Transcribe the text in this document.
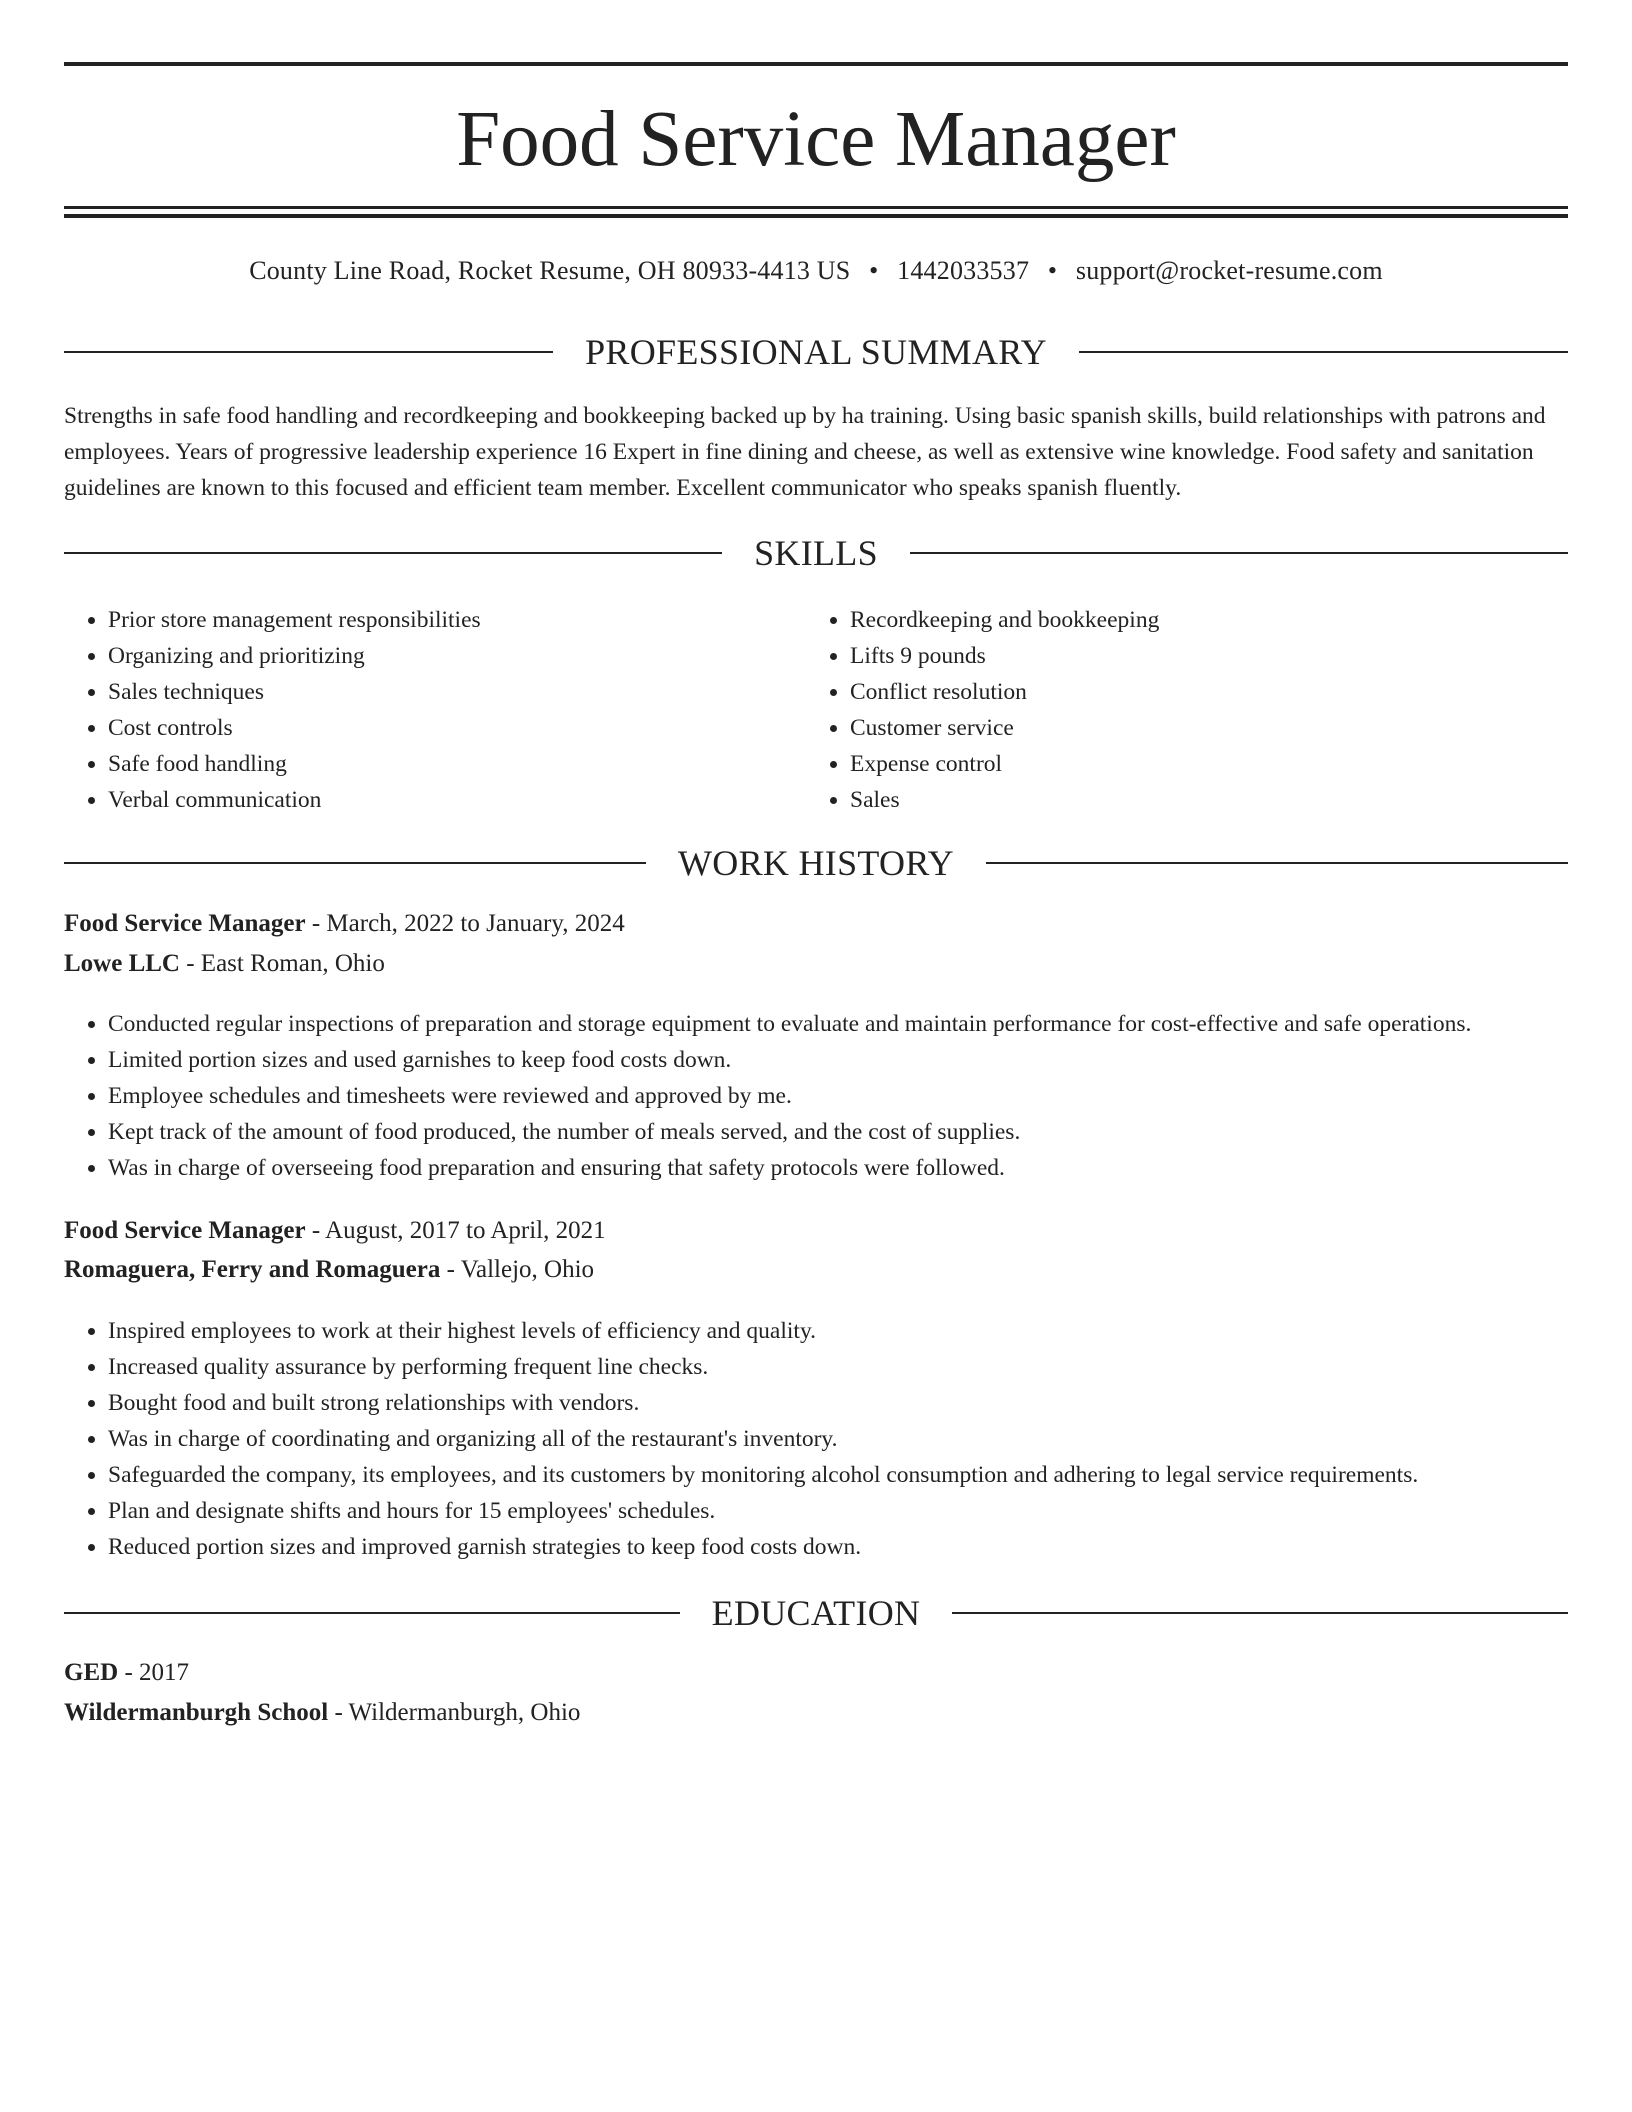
Food Service Manager
County Line Road, Rocket Resume, OH 80933-4413 US • 1442033537 • support@rocket-resume.com
PROFESSIONAL SUMMARY

Strengths in safe food handling and recordkeeping and bookkeeping backed up by ha training. Using basic spanish skills, build relationships with patrons and employees. Years of progressive leadership experience 16 Expert in fine dining and cheese, as well as extensive wine knowledge. Food safety and sanitation guidelines are known to this focused and efficient team member. Excellent communicator who speaks spanish fluently.

SKILLS
• Prior store management responsibilities
• Organizing and prioritizing
• Sales techniques
• Cost controls
• Safe food handling
• Verbal communication
• Recordkeeping and bookkeeping
• Lifts 9 pounds
• Conflict resolution
• Customer service
• Expense control
• Sales
WORK HISTORY
Food Service Manager - March, 2022 to January, 2024
Lowe LLC - East Roman, Ohio
• Conducted regular inspections of preparation and storage equipment to evaluate and maintain performance for cost-effective and safe operations.
• Limited portion sizes and used garnishes to keep food costs down.
• Employee schedules and timesheets were reviewed and approved by me.
• Kept track of the amount of food produced, the number of meals served, and the cost of supplies.
• Was in charge of overseeing food preparation and ensuring that safety protocols were followed.
Food Service Manager - August, 2017 to April, 2021
Romaguera, Ferry and Romaguera - Vallejo, Ohio
• Inspired employees to work at their highest levels of efficiency and quality.
• Increased quality assurance by performing frequent line checks.
• Bought food and built strong relationships with vendors.
• Was in charge of coordinating and organizing all of the restaurant's inventory.
• Safeguarded the company, its employees, and its customers by monitoring alcohol consumption and adhering to legal service requirements.
• Plan and designate shifts and hours for 15 employees' schedules.
• Reduced portion sizes and improved garnish strategies to keep food costs down.
EDUCATION
GED - 2017
Wildermanburgh School - Wildermanburgh, Ohio
